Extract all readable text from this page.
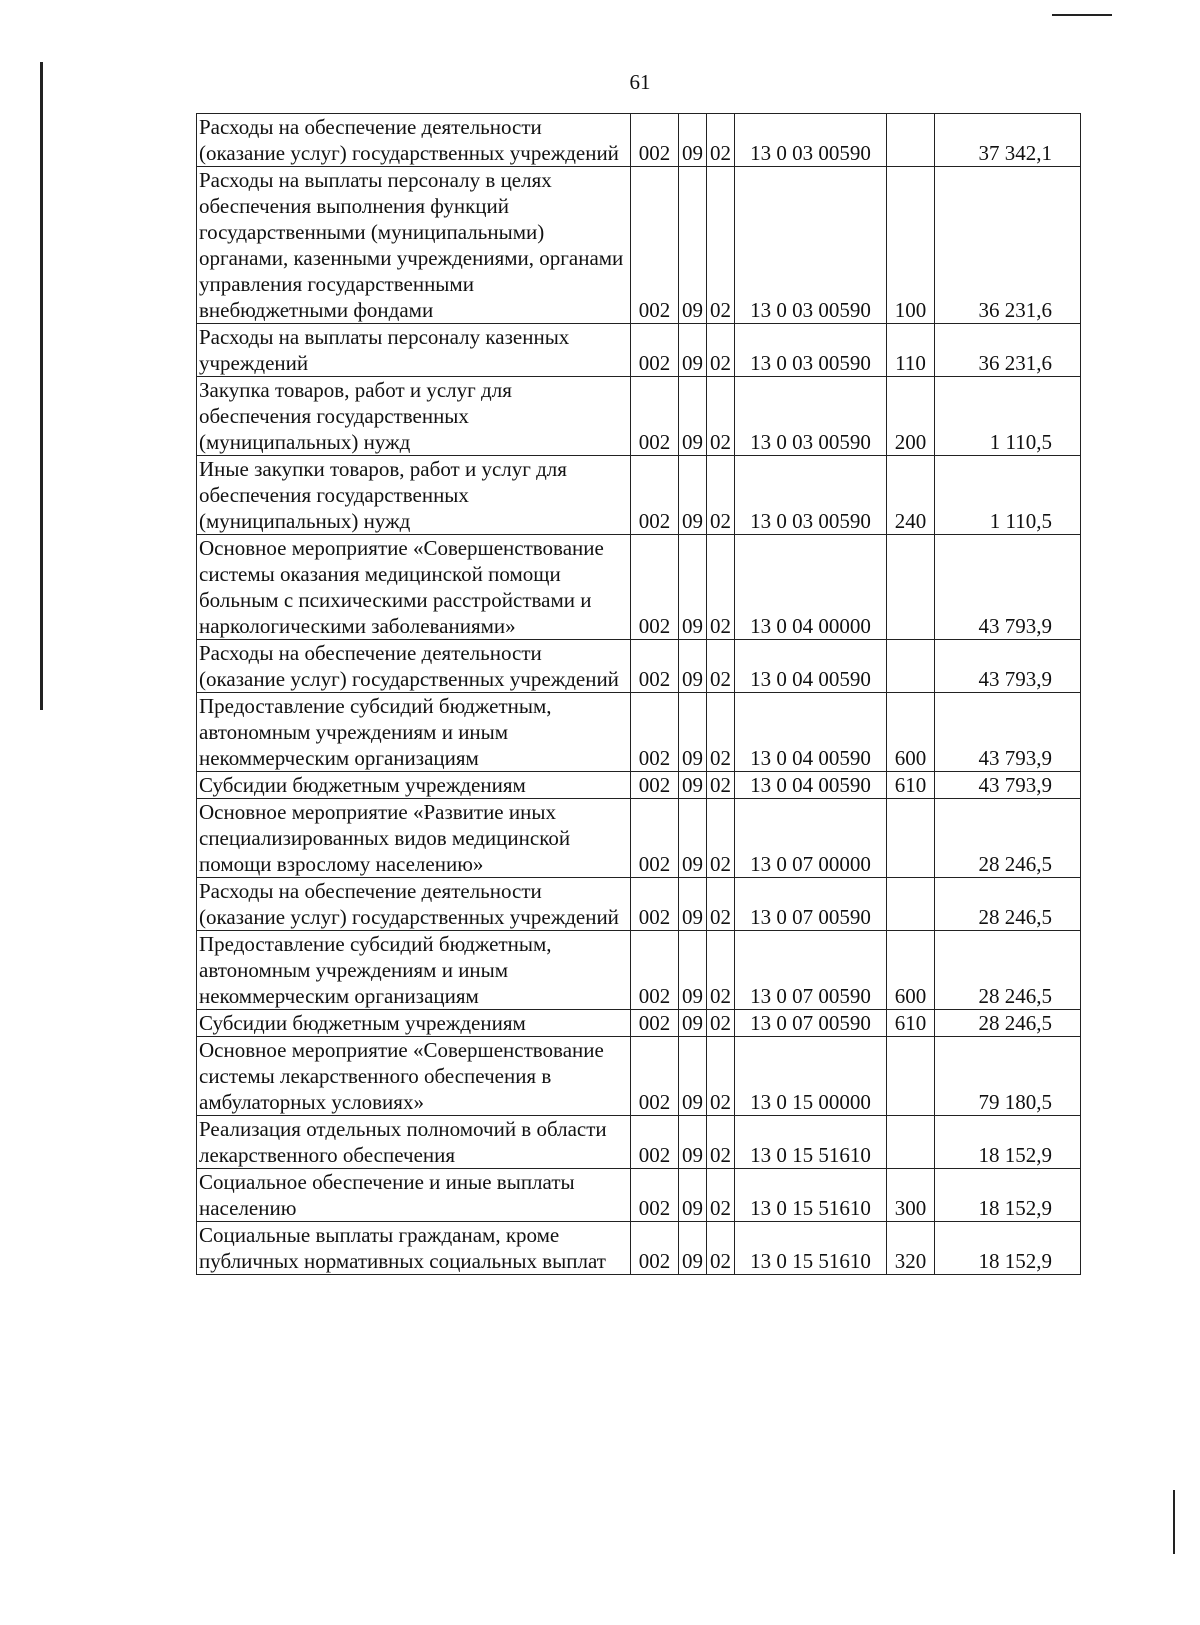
61
Расходы на обеспечение деятельности (оказание услуг) государственных учреждений	002	09	02	13 0 03 00590		37 342,1
Расходы на выплаты персоналу в целях обеспечения выполнения функций государственными (муниципальными) органами, казенными учреждениями, органами управления государственными внебюджетными фондами	002	09	02	13 0 03 00590	100	36 231,6
Расходы на выплаты персоналу казенных учреждений	002	09	02	13 0 03 00590	110	36 231,6
Закупка товаров, работ и услуг для обеспечения государственных (муниципальных) нужд	002	09	02	13 0 03 00590	200	1 110,5
Иные закупки товаров, работ и услуг для обеспечения государственных (муниципальных) нужд	002	09	02	13 0 03 00590	240	1 110,5
Основное мероприятие «Совершенствование системы оказания медицинской помощи больным с психическими расстройствами и наркологическими заболеваниями»	002	09	02	13 0 04 00000		43 793,9
Расходы на обеспечение деятельности (оказание услуг) государственных учреждений	002	09	02	13 0 04 00590		43 793,9
Предоставление субсидий бюджетным, автономным учреждениям и иным некоммерческим организациям	002	09	02	13 0 04 00590	600	43 793,9
Субсидии бюджетным учреждениям	002	09	02	13 0 04 00590	610	43 793,9
Основное мероприятие «Развитие иных специализированных видов медицинской помощи взрослому населению»	002	09	02	13 0 07 00000		28 246,5
Расходы на обеспечение деятельности (оказание услуг) государственных учреждений	002	09	02	13 0 07 00590		28 246,5
Предоставление субсидий бюджетным, автономным учреждениям и иным некоммерческим организациям	002	09	02	13 0 07 00590	600	28 246,5
Субсидии бюджетным учреждениям	002	09	02	13 0 07 00590	610	28 246,5
Основное мероприятие «Совершенствование системы лекарственного обеспечения в амбулаторных условиях»	002	09	02	13 0 15 00000		79 180,5
Реализация отдельных полномочий в области лекарственного обеспечения	002	09	02	13 0 15 51610		18 152,9
Социальное обеспечение и иные выплаты населению	002	09	02	13 0 15 51610	300	18 152,9
Социальные выплаты гражданам, кроме публичных нормативных социальных выплат	002	09	02	13 0 15 51610	320	18 152,9
